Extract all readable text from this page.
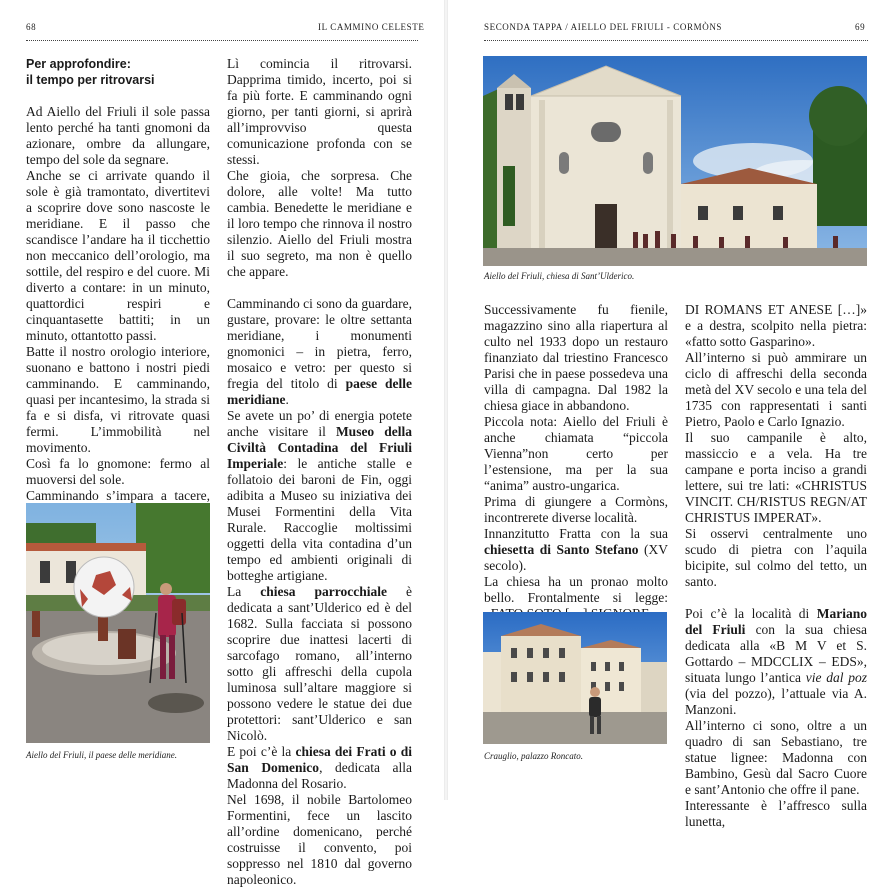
68	IL CAMMINO CELESTE
Per approfondire:
il tempo per ritrovarsi

Ad Aiello del Friuli il sole passa lento perché ha tanti gnomoni da azionare, ombre da allungare, tempo del sole da segnare.

Anche se ci arrivate quando il sole è già tramontato, divertitevi a scoprire dove sono nascoste le meridiane. E il passo che scandisce l’andare ha il ticchettio non meccanico dell’orologio, ma sottile, del respiro e del cuore. Mi diverto a contare: in un minuto, quattordici respiri e cinquantasette battiti; in un minuto, ottantotto passi.

Batte il nostro orologio interiore, suonano e battono i nostri piedi camminando. E camminando, quasi per incantesimo, la strada si fa e si disfa, vi ritrovate quasi fermi. L’immobilità nel movimento.

Così fa lo gnomone: fermo al muoversi del sole.

Camminando s’impara a tacere,

Aiello del Friuli, il paese delle meridiane.

Lì comincia il ritrovarsi. Dapprima timido, incerto, poi si fa più forte. E camminando ogni giorno, per tanti giorni, si aprirà all’improvviso questa comunicazione profonda con se stessi.

Che gioia, che sorpresa. Che dolore, alle volte! Ma tutto cambia. Benedette le meridiane e il loro tempo che rinnova il nostro silenzio. Aiello del Friuli mostra il suo segreto, ma non è quello che appare.

Camminando ci sono da guardare, gustare, provare: le oltre settanta meridiane, i monumenti gnomonici – in pietra, ferro, mosaico e vetro: per questo si fregia del titolo di paese delle meridiane.

Se avete un po’ di energia potete anche visitare il Museo della Civiltà Contadina del Friuli Imperiale: le antiche stalle e follatoio dei baroni de Fin, oggi adibita a Museo su iniziativa dei Musei Formentini della Vita Rurale. Raccoglie moltissimi oggetti della vita contadina d’un tempo ed ambienti originali di botteghe artigiane.

La chiesa parrocchiale è dedicata a sant’Ulderico ed è del 1682. Sulla facciata si possono scoprire due inattesi lacerti di sarcofago romano, all’interno sotto gli affreschi della cupola luminosa sull’altare maggiore si possono vedere le statue dei due protettori: sant’Ulderico e san Nicolò.

E poi c’è la chiesa dei Frati o di San Domenico, dedicata alla Madonna del Rosario.

Nel 1698, il nobile Bartolomeo Formentini, fece un lascito all’ordine domenicano, perché costruisse il convento, poi soppresso nel 1810 dal governo napoleonico.

SECONDA TAPPA / AIELLO DEL FRIULI - CORMÒNS	69
Aiello del Friuli, chiesa di Sant’Ulderico.

Successivamente fu fienile, magazzino sino alla riapertura al culto nel 1933 dopo un restauro finanziato dal triestino Francesco Parisi che in paese possedeva una villa di campagna. Dal 1982 la chiesa giace in abbandono.

Piccola nota: Aiello del Friuli è anche chiamata “piccola Vienna”non certo per l’estensione, ma per la sua “anima” austro-ungarica.

Prima di giungere a Cormòns, incontrerete diverse località.

Innanzitutto Fratta con la sua chiesetta di Santo Stefano (XV secolo).

La chiesa ha un pronao molto bello. Frontalmente si legge:

Crauglio, palazzo Roncato.

DI ROMANS ET ANESE […]» e a destra, scolpito nella pietra: «fatto sotto Gasparino».

All’interno si può ammirare un ciclo di affreschi della seconda metà del XV secolo e una tela del 1735 con rappresentati i santi Pietro, Paolo e Carlo Ignazio.

Il suo campanile è alto, massiccio e a vela. Ha tre campane e porta inciso a grandi lettere, sui tre lati: «CHRISTUS VINCIT. CH/RISTUS REGN/AT CHRISTUS IMPERAT».

Si osservi centralmente uno scudo di pietra con l’aquila bicipite, sul colmo del tetto, un santo.

Poi c’è la località di Mariano del Friuli con la sua chiesa dedicata alla «B M V et S. Gottardo – MDCCLIX – EDS», situata lungo l’antica vie dal poz (via del pozzo), l’attuale via A. Manzoni.

All’interno ci sono, oltre a un quadro di san Sebastiano, tre statue lignee: Madonna con Bambino, Gesù dal Sacro Cuore e sant’Antonio che offre il pane.

Interessante è l’affresco sulla lunetta,
